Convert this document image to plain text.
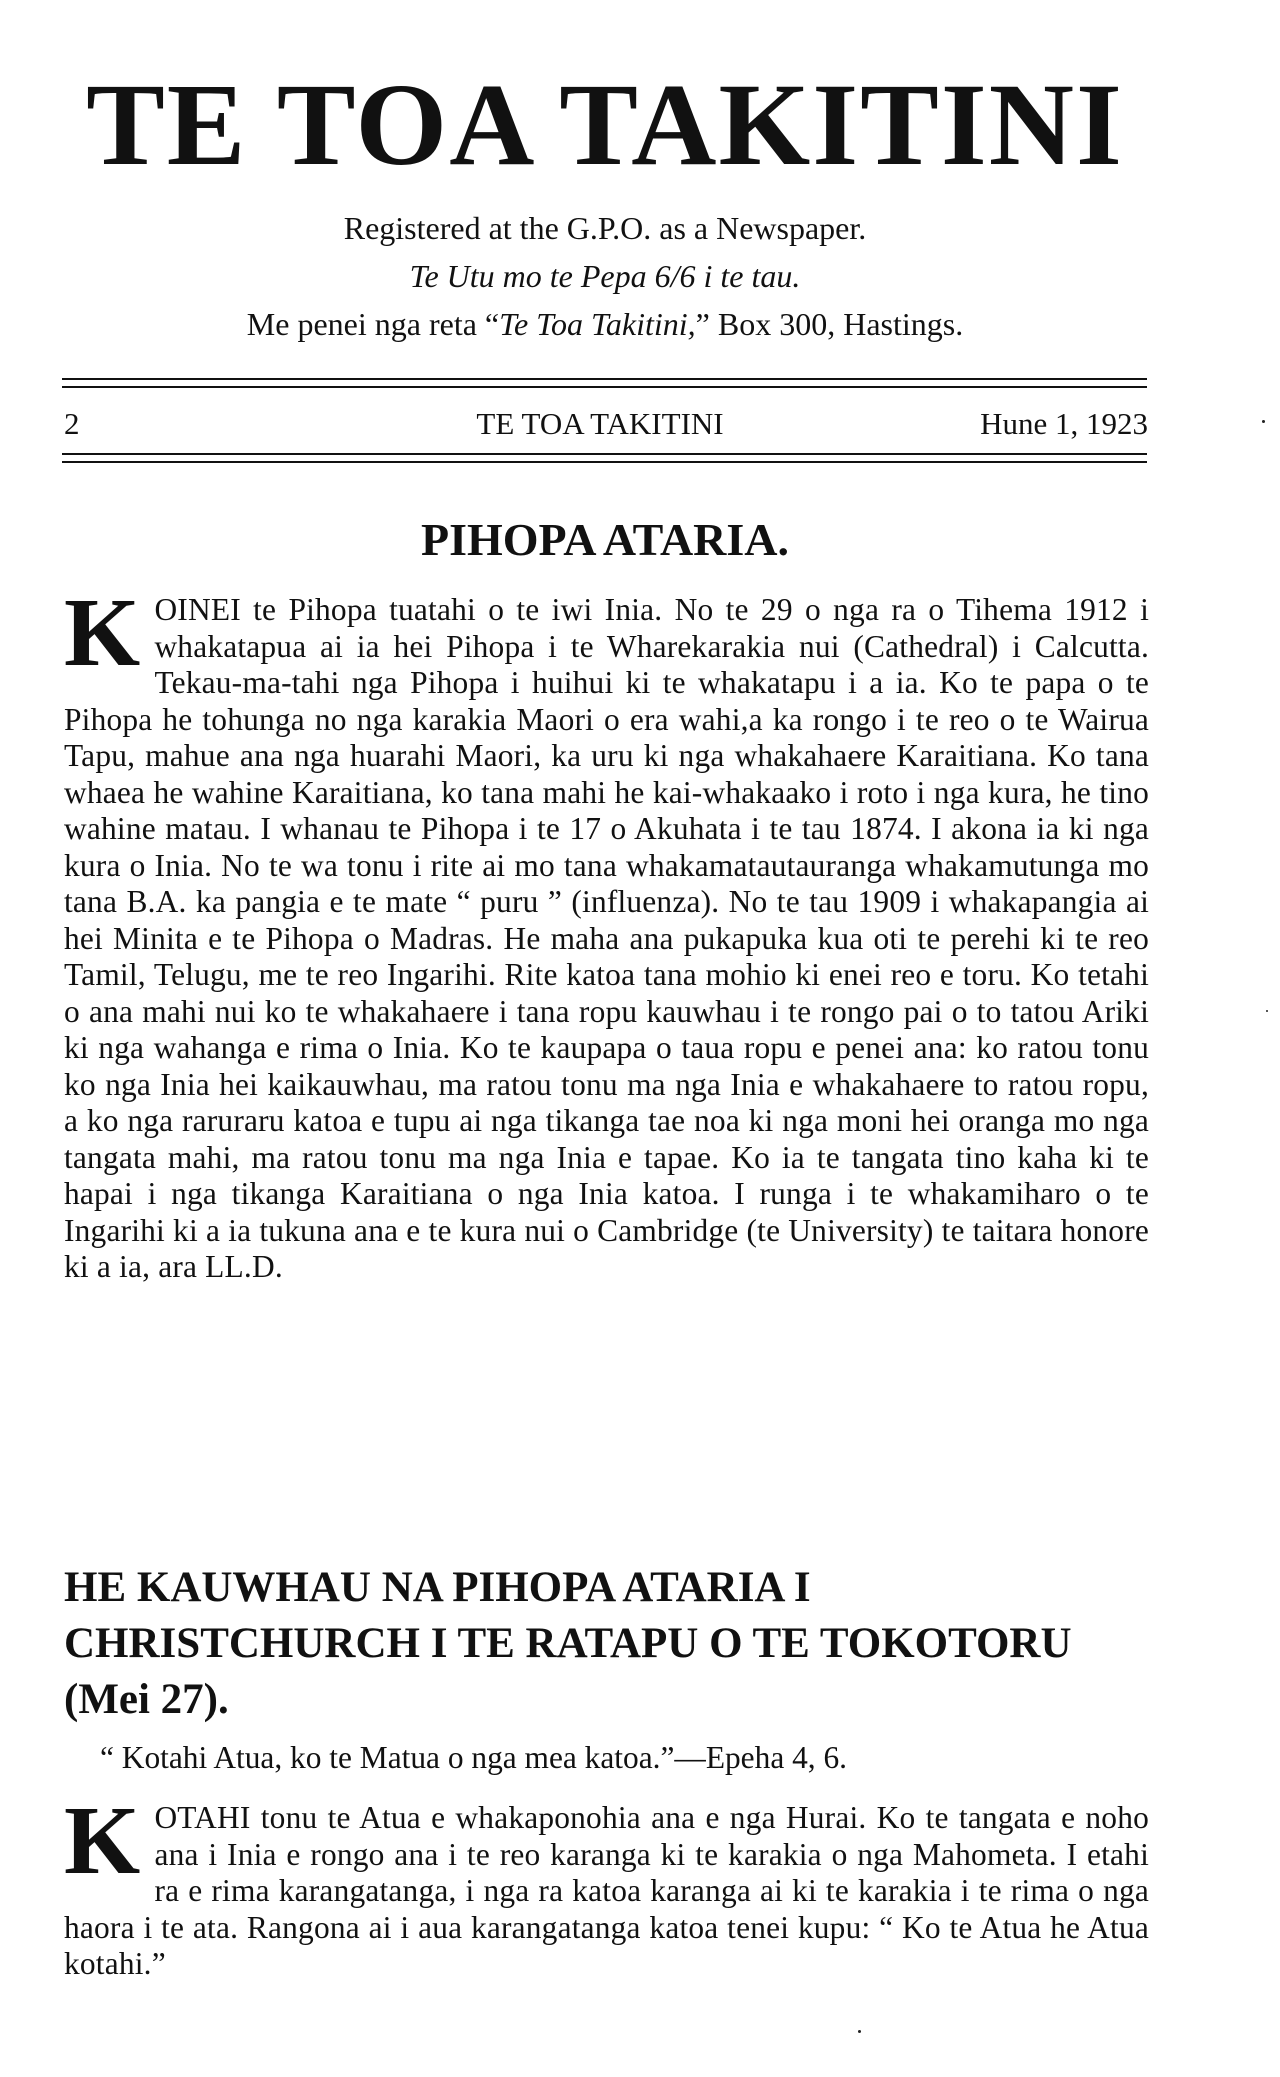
TE TOA TAKITINI
Registered at the G.P.O. as a Newspaper.
Te Utu mo te Pepa 6/6 i te tau.
Me penei nga reta “Te Toa Takitini,” Box 300, Hastings.
2	TE TOA TAKITINI	Hune 1, 1923
PIHOPA ATARIA.

KOINEI te Pihopa tuatahi o te iwi Inia. No te 29 o nga ra o Tihema 1912 i whakatapua ai ia hei Pihopa i te Wharekarakia nui (Cathedral) i Calcutta. Tekau-ma-tahi nga Pihopa i huihui ki te whakatapu i a ia. Ko te papa o te Pihopa he tohunga no nga karakia Maori o era wahi,a ka rongo i te reo o te Wairua Tapu, mahue ana nga huarahi Maori, ka uru ki nga whakahaere Karaitiana. Ko tana whaea he wahine Karaitiana, ko tana mahi he kai-whakaako i roto i nga kura, he tino wahine matau. I whanau te Pihopa i te 17 o Akuhata i te tau 1874. I akona ia ki nga kura o Inia. No te wa tonu i rite ai mo tana whakamatautauranga whakamutunga mo tana B.A. ka pangia e te mate “ puru ” (influenza). No te tau 1909 i whakapangia ai hei Minita e te Pihopa o Madras. He maha ana pukapuka kua oti te perehi ki te reo Tamil, Telugu, me te reo Ingarihi. Rite katoa tana mohio ki enei reo e toru. Ko tetahi o ana mahi nui ko te whakahaere i tana ropu kauwhau i te rongo pai o to tatou Ariki ki nga wahanga e rima o Inia. Ko te kaupapa o taua ropu e penei ana: ko ratou tonu ko nga Inia hei kaikauwhau, ma ratou tonu ma nga Inia e whakahaere to ratou ropu, a ko nga raruraru katoa e tupu ai nga tikanga tae noa ki nga moni hei oranga mo nga tangata mahi, ma ratou tonu ma nga Inia e tapae. Ko ia te tangata tino kaha ki te hapai i nga tikanga Karaitiana o nga Inia katoa. I runga i te whakamiharo o te Ingarihi ki a ia tukuna ana e te kura nui o Cambridge (te University) te taitara honore ki a ia, ara LL.D.

HE KAUWHAU NA PIHOPA ATARIA I CHRISTCHURCH I TE RATAPU O TE TOKOTORU (Mei 27).
“ Kotahi Atua, ko te Matua o nga mea katoa.”—Epeha 4, 6.

KOTAHI tonu te Atua e whakaponohia ana e nga Hurai. Ko te tangata e noho ana i Inia e rongo ana i te reo karanga ki te karakia o nga Mahometa. I etahi ra e rima karangatanga, i nga ra katoa karanga ai ki te karakia i te rima o nga haora i te ata. Rangona ai i aua karangatanga katoa tenei kupu: “ Ko te Atua he Atua kotahi.”
